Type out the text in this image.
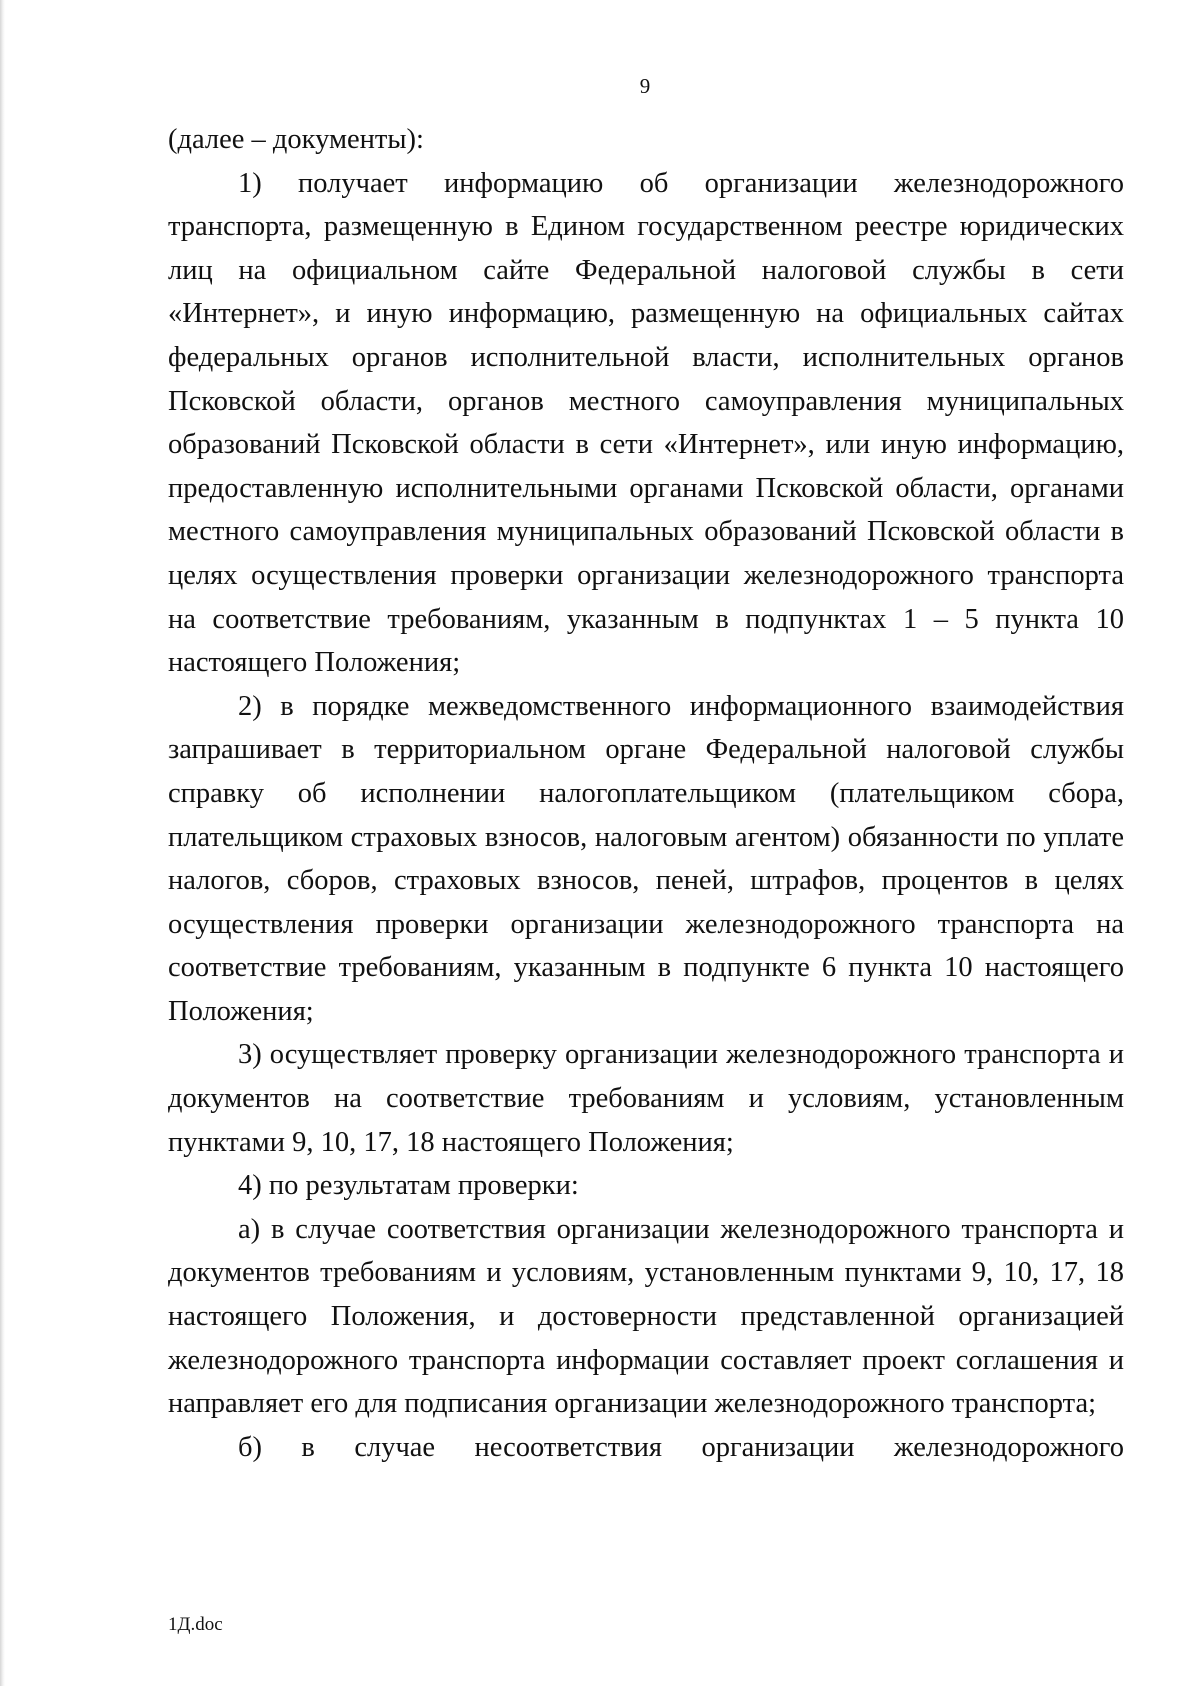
9

(далее – документы):

1) получает информацию об организации железнодорожного транспорта, размещенную в Едином государственном реестре юридических лиц на официальном сайте Федеральной налоговой службы в сети «Интернет», и иную информацию, размещенную на официальных сайтах федеральных органов исполнительной власти, исполнительных органов Псковской области, органов местного самоуправления муниципальных образований Псковской области в сети «Интернет», или иную информацию, предоставленную исполнительными органами Псковской области, органами местного самоуправления муниципальных образований Псковской области в целях осуществления проверки организации железнодорожного транспорта на соответствие требованиям, указанным в подпунктах 1 – 5 пункта 10 настоящего Положения;

2) в порядке межведомственного информационного взаимодействия запрашивает в территориальном органе Федеральной налоговой службы справку об исполнении налогоплательщиком (плательщиком сбора, плательщиком страховых взносов, налоговым агентом) обязанности по уплате налогов, сборов, страховых взносов, пеней, штрафов, процентов в целях осуществления проверки организации железнодорожного транспорта на соответствие требованиям, указанным в подпункте 6 пункта 10 настоящего Положения;

3) осуществляет проверку организации железнодорожного транспорта и документов на соответствие требованиям и условиям, установленным пунктами 9, 10, 17, 18 настоящего Положения;

4) по результатам проверки:

а) в случае соответствия организации железнодорожного транспорта и документов требованиям и условиям, установленным пунктами 9, 10, 17, 18 настоящего Положения, и достоверности представленной организацией железнодорожного транспорта информации составляет проект соглашения и направляет его для подписания организации железнодорожного транспорта;

б) в случае несоответствия организации железнодорожного

1Д.doc
